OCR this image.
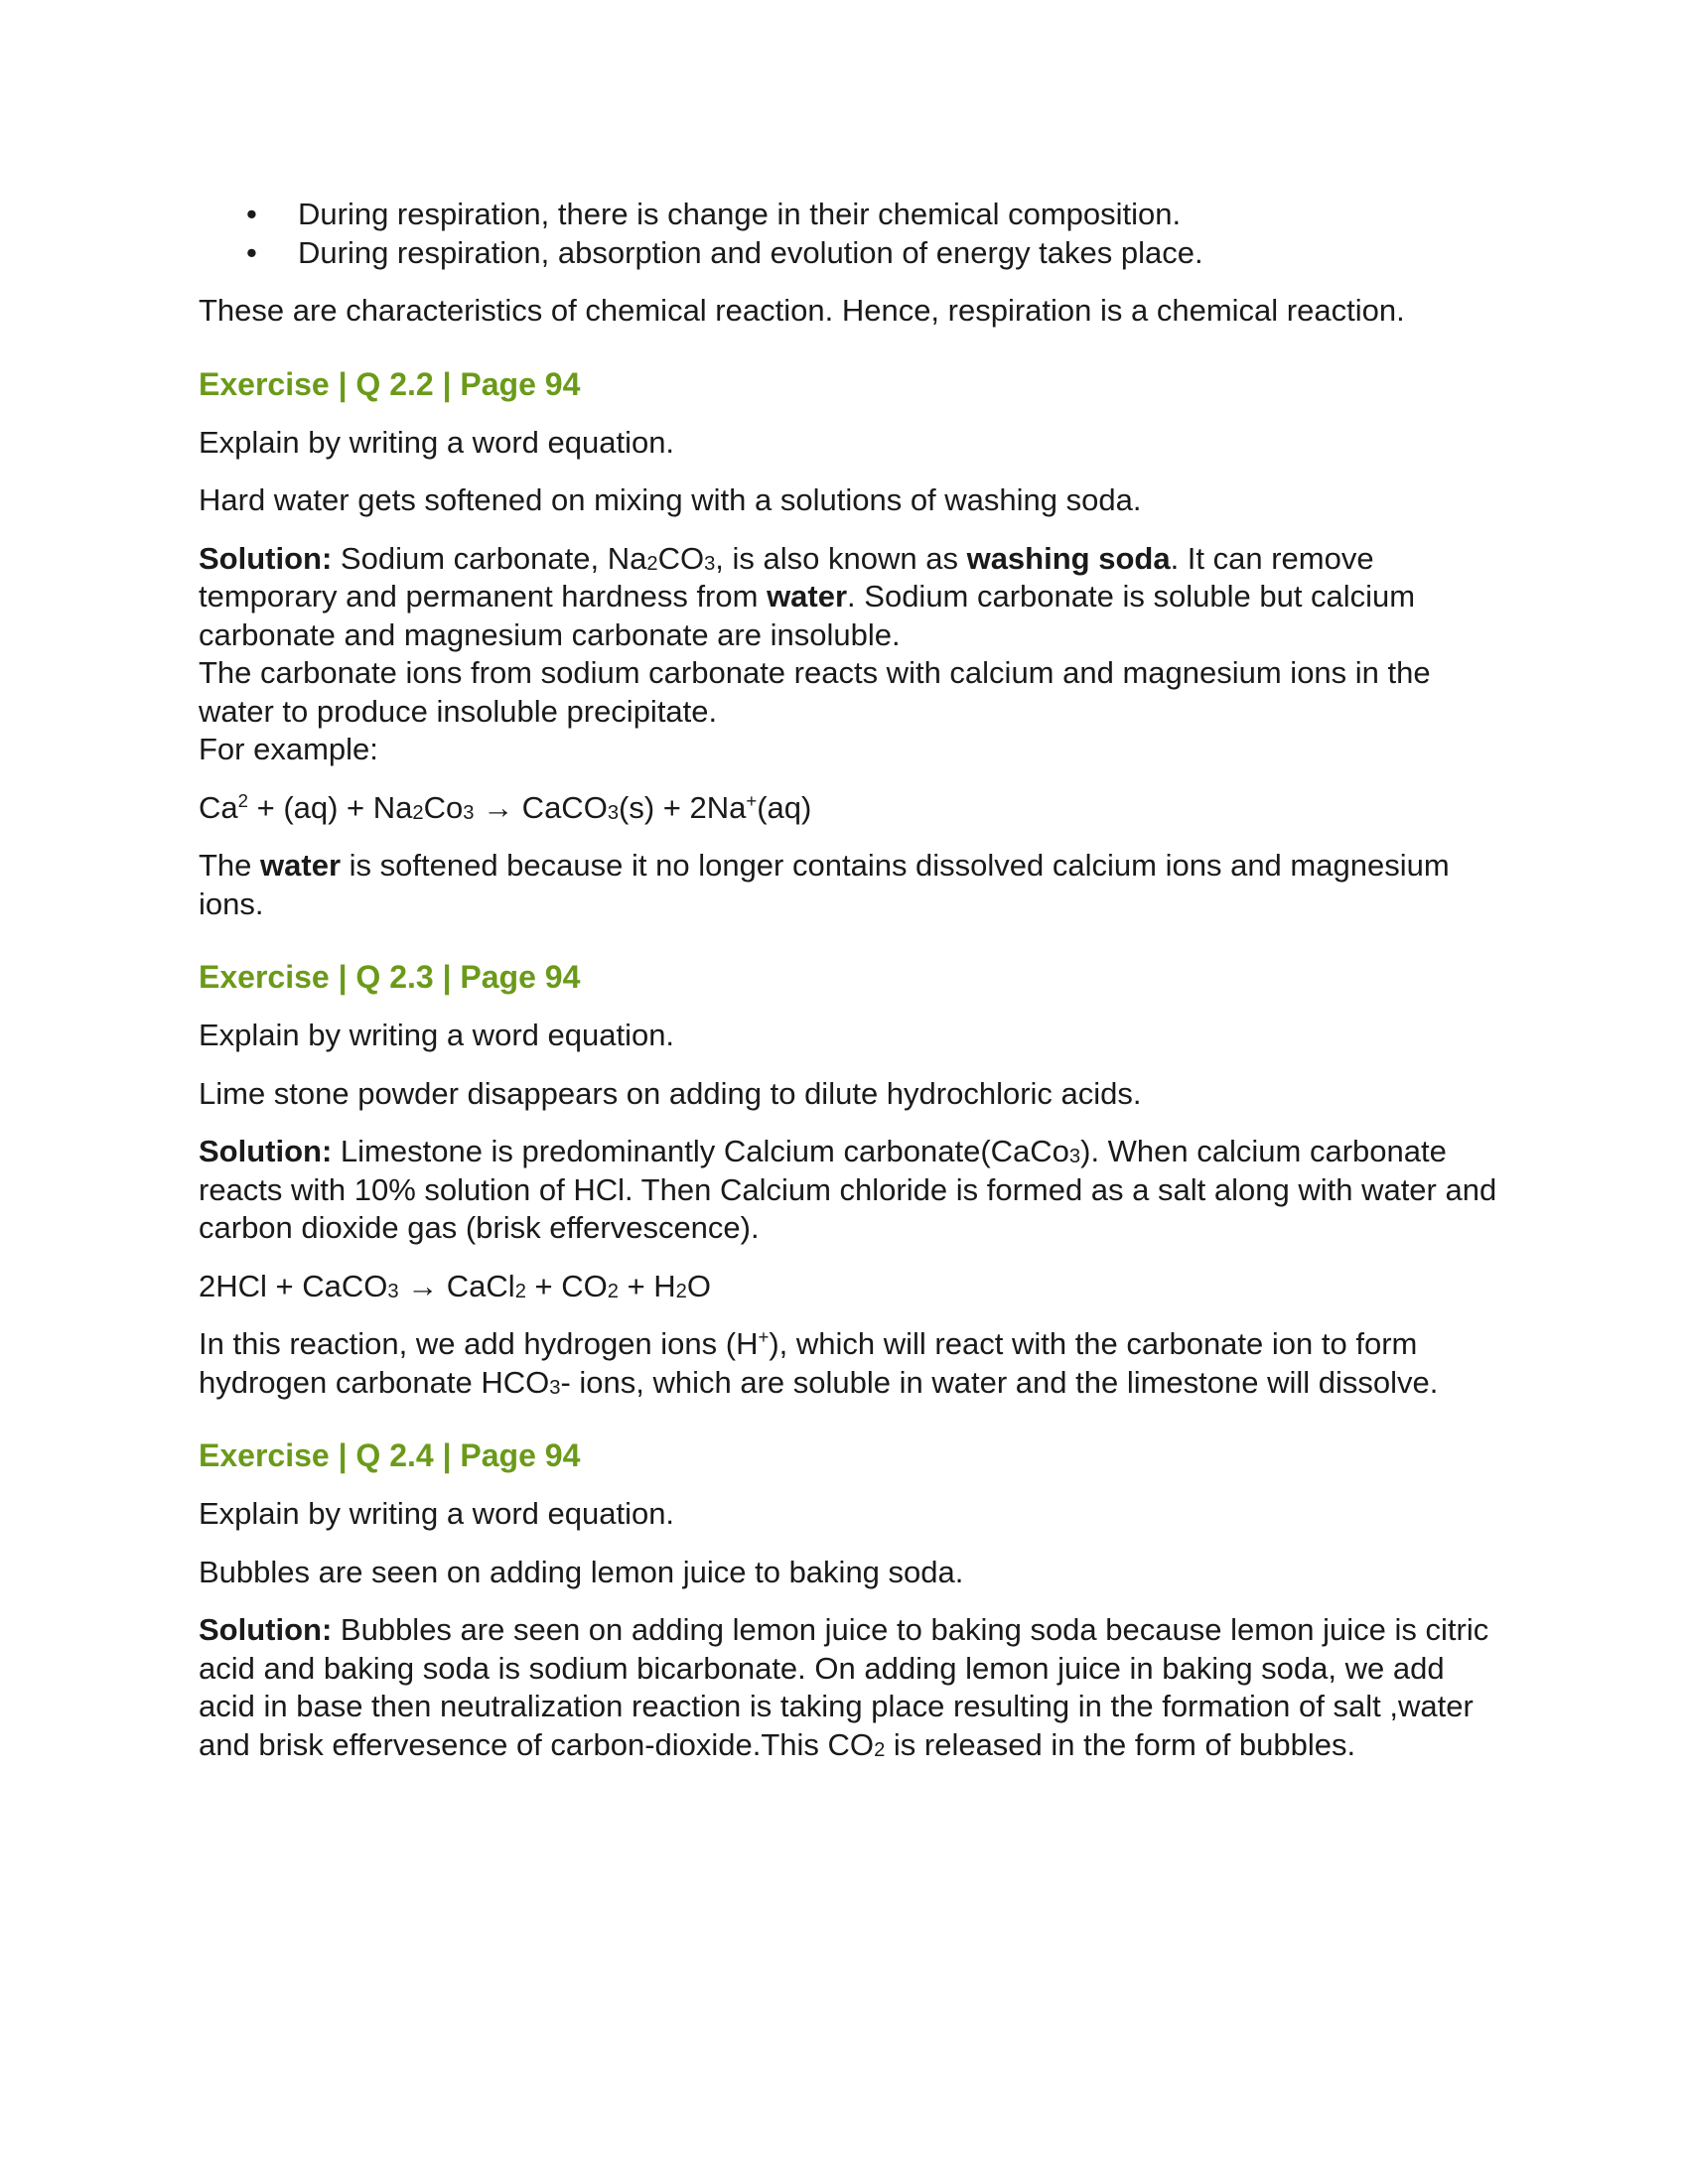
• During respiration, there is change in their chemical composition.
• During respiration, absorption and evolution of energy takes place.

These are characteristics of chemical reaction. Hence, respiration is a chemical reaction.

Exercise | Q 2.2 | Page 94

Explain by writing a word equation.

Hard water gets softened on mixing with a solutions of washing soda.

Solution: Sodium carbonate, $Na_2CO_3$, is also known as washing soda. It can remove temporary and permanent hardness from water. Sodium carbonate is soluble but calcium carbonate and magnesium carbonate are insoluble.

The carbonate ions from sodium carbonate reacts with calcium and magnesium ions in the water to produce insoluble precipitate.

For example:

$Ca^2 + (aq) + Na_2Co_3$ → CaCO$_3$(s) + 2Na+(aq)

The water is softened because it no longer contains dissolved calcium ions and magnesium ions.

Exercise | Q 2.3 | Page 94

Explain by writing a word equation.

Lime stone powder disappears on adding to dilute hydrochloric acids.

Solution: Limestone is predominantly Calcium carbonate(CaCo$_3$). When calcium carbonate reacts with 10% solution of HCl. Then Calcium chloride is formed as a salt along with water and carbon dioxide gas (brisk effervescence).

2HCl + CaCO$_3$ → CaCl$_2$ + $CO_2 + H_2O$

In this reaction, we add hydrogen ions (H+), which will react with the carbonate ion to form hydrogen carbonate $HCO_3-$ ions, which are soluble in water and the limestone will dissolve.

Exercise | Q 2.4 | Page 94

Explain by writing a word equation.

Bubbles are seen on adding lemon juice to baking soda.

Solution: Bubbles are seen on adding lemon juice to baking soda because lemon juice is citric acid and baking soda is sodium bicarbonate. On adding lemon juice in baking soda, we add acid in base then neutralization reaction is taking place resulting in the formation of salt ,water and brisk effervesence of carbon-dioxide.This $CO_2$ is released in the form of bubbles.
